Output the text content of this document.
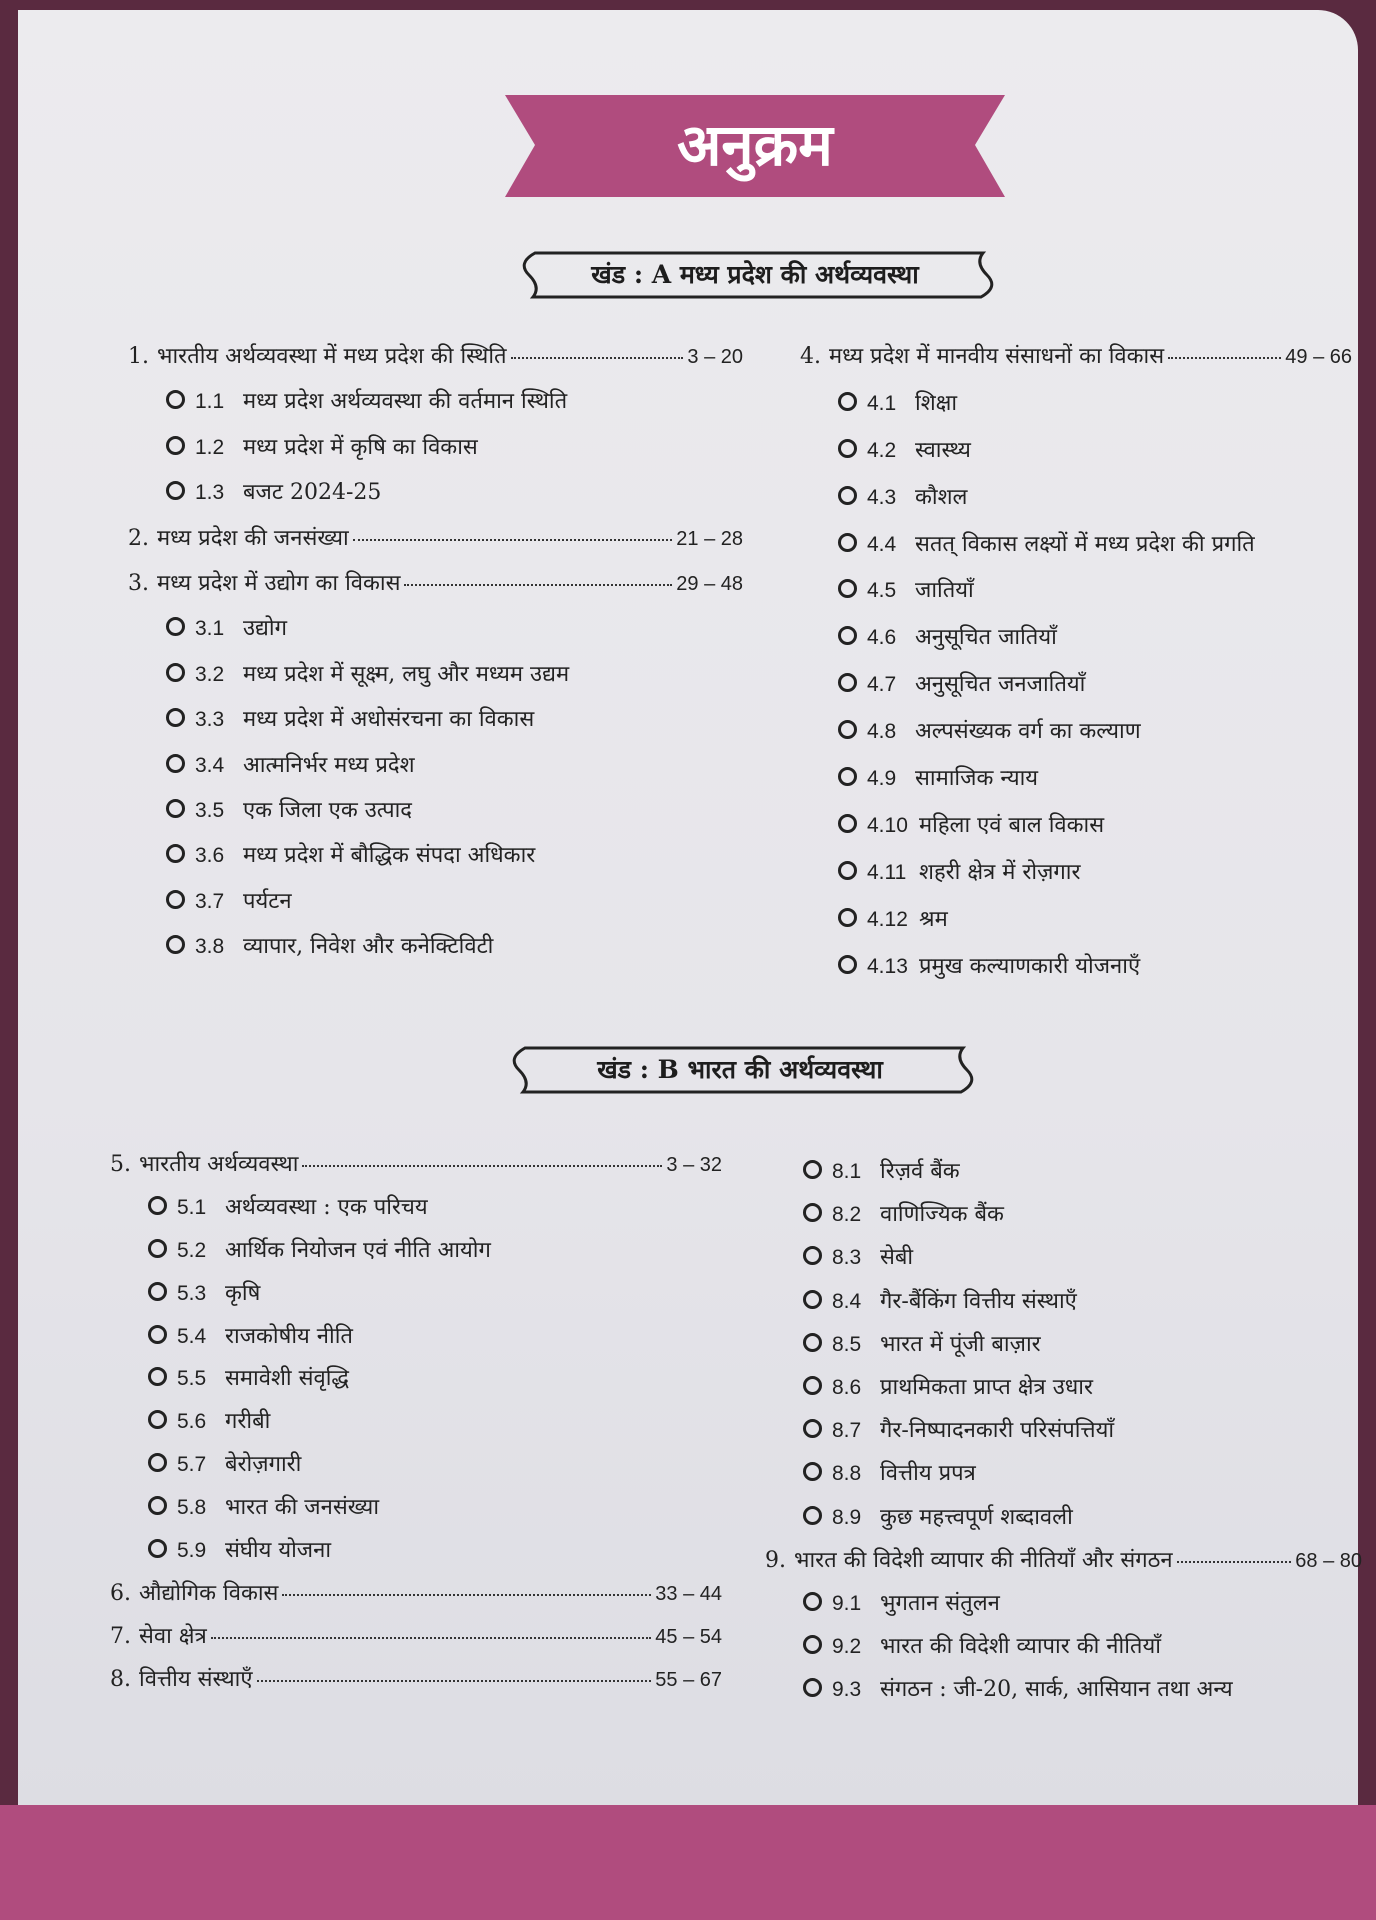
अनुक्रम
खंड : A मध्य प्रदेश की अर्थव्यवस्था
खंड : B भारत की अर्थव्यवस्था
1. भारतीय अर्थव्यवस्था में मध्य प्रदेश की स्थिति	3 – 20
1.1 मध्य प्रदेश अर्थव्यवस्था की वर्तमान स्थिति
1.2 मध्य प्रदेश में कृषि का विकास
1.3 बजट 2024-25
2. मध्य प्रदेश की जनसंख्या	21 – 28
3. मध्य प्रदेश में उद्योग का विकास	29 – 48
3.1 उद्योग
3.2 मध्य प्रदेश में सूक्ष्म, लघु और मध्यम उद्यम
3.3 मध्य प्रदेश में अधोसंरचना का विकास
3.4 आत्मनिर्भर मध्य प्रदेश
3.5 एक जिला एक उत्पाद
3.6 मध्य प्रदेश में बौद्धिक संपदा अधिकार
3.7 पर्यटन
3.8 व्यापार, निवेश और कनेक्टिविटी
4. मध्य प्रदेश में मानवीय संसाधनों का विकास	49 – 66
4.1 शिक्षा
4.2 स्वास्थ्य
4.3 कौशल
4.4 सतत् विकास लक्ष्यों में मध्य प्रदेश की प्रगति
4.5 जातियाँ
4.6 अनुसूचित जातियाँ
4.7 अनुसूचित जनजातियाँ
4.8 अल्पसंख्यक वर्ग का कल्याण
4.9 सामाजिक न्याय
4.10 महिला एवं बाल विकास
4.11 शहरी क्षेत्र में रोज़गार
4.12 श्रम
4.13 प्रमुख कल्याणकारी योजनाएँ
5. भारतीय अर्थव्यवस्था	3 – 32
5.1 अर्थव्यवस्था : एक परिचय
5.2 आर्थिक नियोजन एवं नीति आयोग
5.3 कृषि
5.4 राजकोषीय नीति
5.5 समावेशी संवृद्धि
5.6 गरीबी
5.7 बेरोज़गारी
5.8 भारत की जनसंख्या
5.9 संघीय योजना
6. औद्योगिक विकास	33 – 44
7. सेवा क्षेत्र	45 – 54
8. वित्तीय संस्थाएँ	55 – 67
8.1 रिज़र्व बैंक
8.2 वाणिज्यिक बैंक
8.3 सेबी
8.4 गैर-बैंकिंग वित्तीय संस्थाएँ
8.5 भारत में पूंजी बाज़ार
8.6 प्राथमिकता प्राप्त क्षेत्र उधार
8.7 गैर-निष्पादनकारी परिसंपत्तियाँ
8.8 वित्तीय प्रपत्र
8.9 कुछ महत्त्वपूर्ण शब्दावली
9. भारत की विदेशी व्यापार की नीतियाँ और संगठन	68 – 80
9.1 भुगतान संतुलन
9.2 भारत की विदेशी व्यापार की नीतियाँ
9.3 संगठन : जी-20, सार्क, आसियान तथा अन्य
